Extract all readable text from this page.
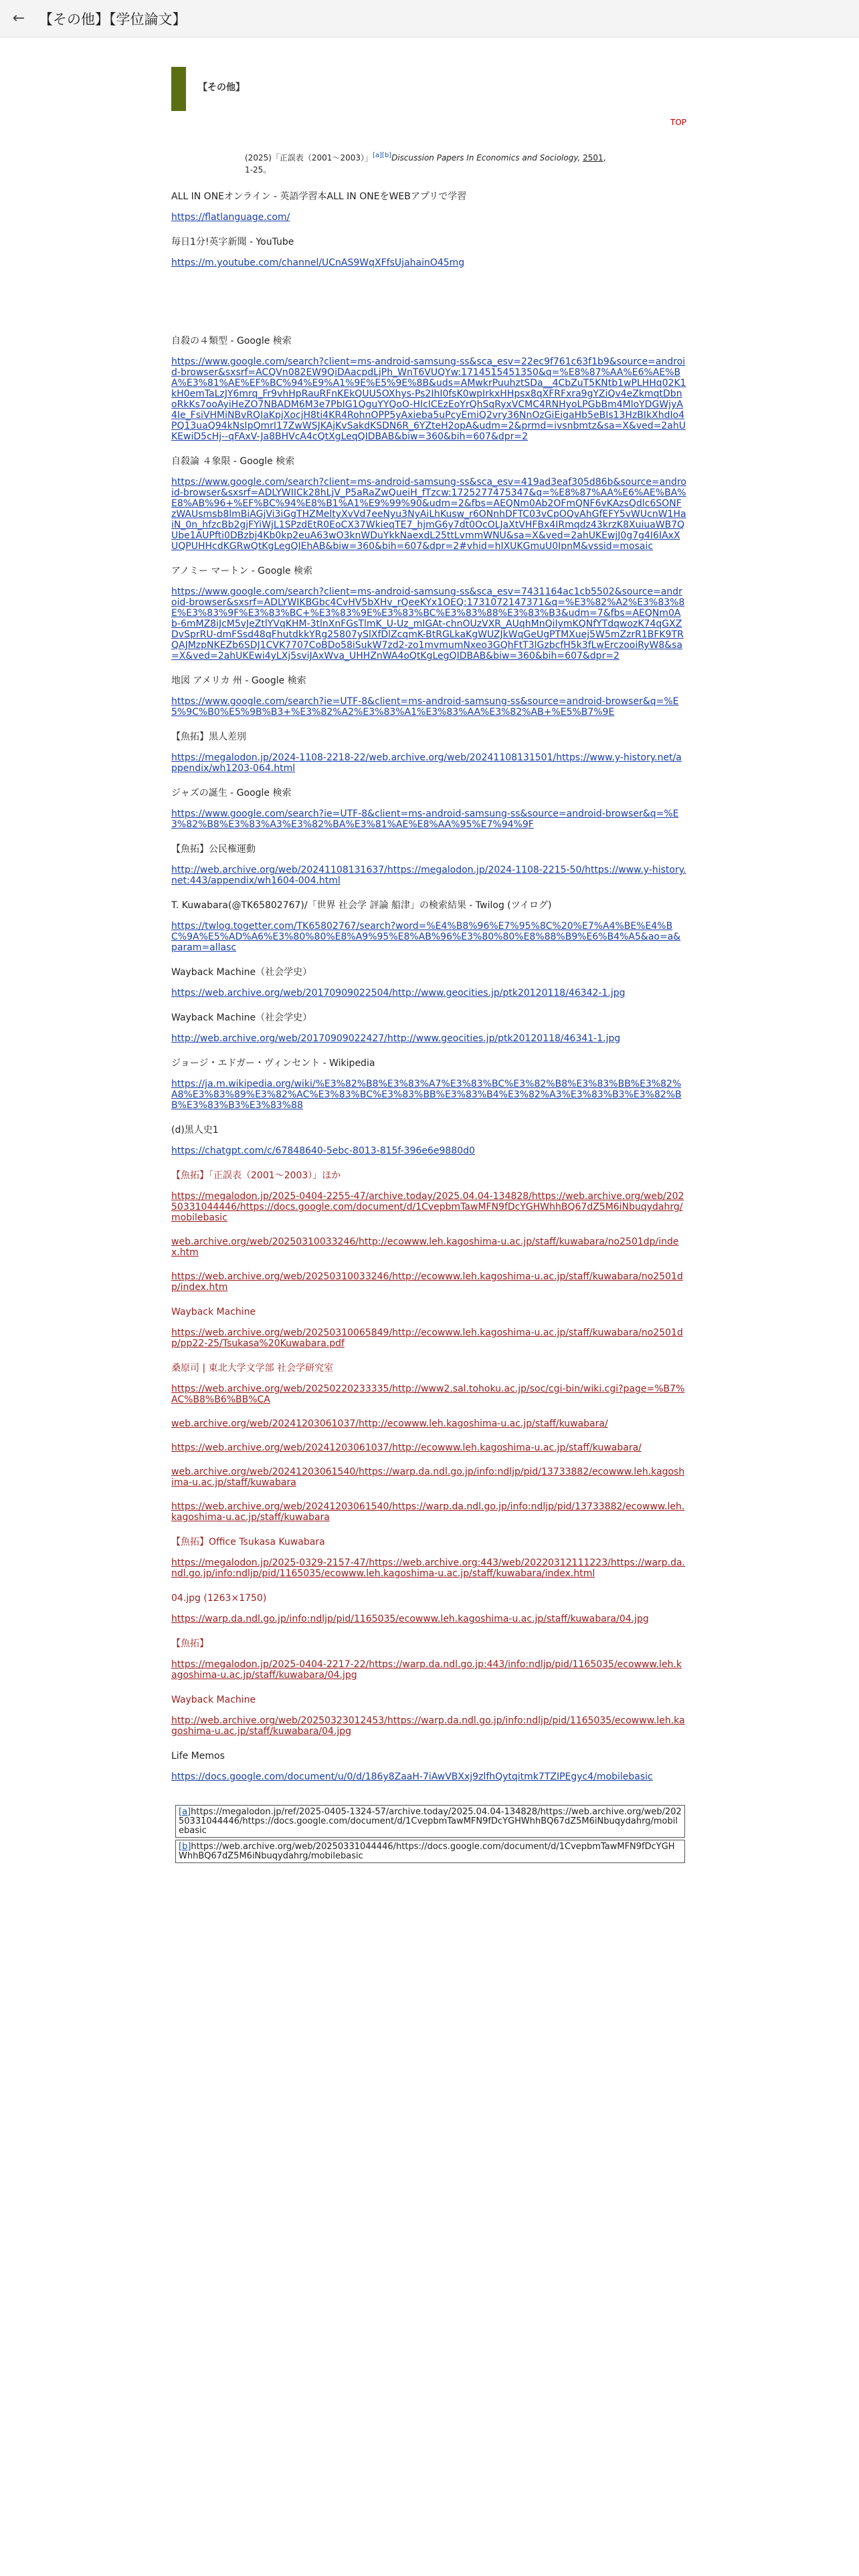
← 【その他】【学位論文】
【その他】
TOP
(2025)「正誤表（2001〜2003）」[a][b]Discussion Papers In Economics and Sociology, 2501,
1-25。
ALL IN ONEオンライン - 英語学習本ALL IN ONEをWEBアプリで学習
https://flatlanguage.com/
毎日1分!英字新聞 - YouTube
https://m.youtube.com/channel/UCnAS9WqXFfsUjahainO45mg
自殺の４類型 - Google 検索
https://www.google.com/search?client=ms-android-samsung-ss&sca_esv=22ec9f761c63f1b9&source=android-browser&sxsrf=ACQVn082EW9QiDAacpdLjPh_WnT6VUQYw:1714515451350&q=%E8%87%AA%E6%AE%BA%E3%81%AE%EF%BC%94%E9%A1%9E%E5%9E%8B&uds=AMwkrPuuhztSDa__4CbZuT5KNtb1wPLHHq02K1kH0emTaLzJY6mrq_Fr9vhHpRauRFnKEkQUU5OXhys-Ps2IhI0fsK0wpIrkxHHpsx8qXFRFxra9gYZiQv4eZkmqtDbnoRkKs7ooAyiHeZO7NBADM6M3e7PbIG1QguYYQoO-HIcICEzEoYrQhSqRyxVCMC4RNHyoLPGbBm4MloYDGWjyA4Ie_FsiVHMiNBvRQIaKpjXocjH8ti4KR4RohnOPP5yAxieba5uPcyEmiQ2vry36NnOzGiEigaHb5eBIs13HzBIkXhdIo4PQ13uaQ94kNsIpQmrI17ZwWSJKAjKvSakdKSDN6R_6YZteH2opA&udm=2&prmd=ivsnbmtz&sa=X&ved=2ahUKEwiD5cHj--qFAxV-Ja8BHVcA4cQtXgLeqQIDBAB&biw=360&bih=607&dpr=2
自殺論 ４象限 - Google 検索
https://www.google.com/search?client=ms-android-samsung-ss&sca_esv=419ad3eaf305d86b&source=android-browser&sxsrf=ADLYWIICk28hLjV_P5aRaZwQueiH_fTzcw:1725277475347&q=%E8%87%AA%E6%AE%BA%E8%AB%96+%EF%BC%94%E8%B1%A1%E9%99%90&udm=2&fbs=AEQNm0Ab2OFmQNF6vKAzsQdlc6SONFzWAUsmsb8lmBiAGjVi3iGgTHZMeltyXvVd7eeNyu3NyAiLhKusw_r6ONnhDFTC03vCpOQvAhGfEFY5vWUcnW1HaiN_0n_hfzcBb2gjFYiWjL1SPzdEtR0EoCX37WkieqTE7_hjmG6y7dt0OcOLJaXtVHFBx4IRmqdz43krzK8XuiuaWB7QUbe1AUPfti0DBzbj4Kb0kp2euA63wO3knWDuYkkNaexdL25ttLvmmWNU&sa=X&ved=2ahUKEwjJ0g7g4I6IAxXUQPUHHcdKGRwQtKgLegQIEhAB&biw=360&bih=607&dpr=2#vhid=hIXUKGmuU0IpnM&vssid=mosaic
アノミー マートン - Google 検索
https://www.google.com/search?client=ms-android-samsung-ss&sca_esv=7431164ac1cb5502&source=android-browser&sxsrf=ADLYWIKBGbc4CvHV5bXHv_rQeeKYx1OEQ:1731072147371&q=%E3%82%A2%E3%83%8E%E3%83%9F%E3%83%BC+%E3%83%9E%E3%83%BC%E3%83%88%E3%83%B3&udm=7&fbs=AEQNm0Ab-6mMZ8iJcM5vJeZtlYVqKHM-3tlnXnFGsTlmK_U-Uz_mIGAt-chnOUzVXR_AUqhMnQiIymKQNfYTdqwozK74qGXZDvSprRU-dmFSsd48qFhutdkkYRg25807ySlXfDlZcqmK-BtRGLkaKgWUZJkWqGeUgPTMXuej5W5mZzrR1BFK9TRQAJMzpNKEZb6SDJ1CVK7707CoBDo58iSukW7zd2-zo1mvmumNxeo3GQhFtT3lGzbcfH5k3fLwErczooiRyW8&sa=X&ved=2ahUKEwi4yLXj5sviJAxWva_UHHZnWA4oQtKgLegQIDBAB&biw=360&bih=607&dpr=2
地図 アメリカ 州 - Google 検索
https://www.google.com/search?ie=UTF-8&client=ms-android-samsung-ss&source=android-browser&q=%E5%9C%B0%E5%9B%B3+%E3%82%A2%E3%83%A1%E3%83%AA%E3%82%AB+%E5%B7%9E
【魚拓】黒人差別
https://megalodon.jp/2024-1108-2218-22/web.archive.org/web/20241108131501/https://www.y-history.net/appendix/wh1203-064.html
ジャズの誕生 - Google 検索
https://www.google.com/search?ie=UTF-8&client=ms-android-samsung-ss&source=android-browser&q=%E3%82%B8%E3%83%A3%E3%82%BA%E3%81%AE%E8%AA%95%E7%94%9F
【魚拓】公民権運動
http://web.archive.org/web/20241108131637/https://megalodon.jp/2024-1108-2215-50/https://www.y-history.net:443/appendix/wh1604-004.html
T. Kuwabara(@TK65802767)/「世界 社会学 評論 船津」の検索結果 - Twilog (ツイログ)
https://twlog.togetter.com/TK65802767/search?word=%E4%B8%96%E7%95%8C%20%E7%A4%BE%E4%BC%9A%E5%AD%A6%E3%80%80%E8%A9%95%E8%AB%96%E3%80%80%E8%88%B9%E6%B4%A5&ao=a&param=allasc
Wayback Machine（社会学史）
https://web.archive.org/web/20170909022504/http://www.geocities.jp/ptk20120118/46342-1.jpg
Wayback Machine（社会学史）
http://web.archive.org/web/20170909022427/http://www.geocities.jp/ptk20120118/46341-1.jpg
ジョージ・エドガー・ヴィンセント - Wikipedia
https://ja.m.wikipedia.org/wiki/%E3%82%B8%E3%83%A7%E3%83%BC%E3%82%B8%E3%83%BB%E3%82%A8%E3%83%89%E3%82%AC%E3%83%BC%E3%83%BB%E3%83%B4%E3%82%A3%E3%83%B3%E3%82%BB%E3%83%B3%E3%83%88
(d)黒人史1
https://chatgpt.com/c/67848640-5ebc-8013-815f-396e6e9880d0
【魚拓】「正誤表（2001〜2003）」ほか
https://megalodon.jp/2025-0404-2255-47/archive.today/2025.04.04-134828/https://web.archive.org/web/20250331044446/https://docs.google.com/document/d/1CvepbmTawMFN9fDcYGHWhhBQ67dZ5M6iNbuqydahrg/mobilebasic
web.archive.org/web/20250310033246/http://ecowww.leh.kagoshima-u.ac.jp/staff/kuwabara/no2501dp/index.htm
https://web.archive.org/web/20250310033246/http://ecowww.leh.kagoshima-u.ac.jp/staff/kuwabara/no2501dp/index.htm
Wayback Machine
https://web.archive.org/web/20250310065849/http://ecowww.leh.kagoshima-u.ac.jp/staff/kuwabara/no2501dp/pp22-25/Tsukasa%20Kuwabara.pdf
桑原司 | 東北大学文学部 社会学研究室
https://web.archive.org/web/20250220233335/http://www2.sal.tohoku.ac.jp/soc/cgi-bin/wiki.cgi?page=%B7%AC%B8%B6%BB%CA
web.archive.org/web/20241203061037/http://ecowww.leh.kagoshima-u.ac.jp/staff/kuwabara/
https://web.archive.org/web/20241203061037/http://ecowww.leh.kagoshima-u.ac.jp/staff/kuwabara/
web.archive.org/web/20241203061540/https://warp.da.ndl.go.jp/info:ndljp/pid/13733882/ecowww.leh.kagoshima-u.ac.jp/staff/kuwabara
https://web.archive.org/web/20241203061540/https://warp.da.ndl.go.jp/info:ndljp/pid/13733882/ecowww.leh.kagoshima-u.ac.jp/staff/kuwabara
【魚拓】Office Tsukasa Kuwabara
https://megalodon.jp/2025-0329-2157-47/https://web.archive.org:443/web/20220312111223/https://warp.da.ndl.go.jp/info:ndljp/pid/1165035/ecowww.leh.kagoshima-u.ac.jp/staff/kuwabara/index.html
04.jpg (1263×1750)
https://warp.da.ndl.go.jp/info:ndljp/pid/1165035/ecowww.leh.kagoshima-u.ac.jp/staff/kuwabara/04.jpg
【魚拓】
https://megalodon.jp/2025-0404-2217-22/https://warp.da.ndl.go.jp:443/info:ndljp/pid/1165035/ecowww.leh.kagoshima-u.ac.jp/staff/kuwabara/04.jpg
Wayback Machine
http://web.archive.org/web/20250323012453/https://warp.da.ndl.go.jp/info:ndljp/pid/1165035/ecowww.leh.kagoshima-u.ac.jp/staff/kuwabara/04.jpg
Life Memos
https://docs.google.com/document/u/0/d/186y8ZaaH-7iAwVBXxj9zlfhQytqitmk7TZIPEgyc4/mobilebasic
[a]https://megalodon.jp/ref/2025-0405-1324-57/archive.today/2025.04.04-134828/https://web.archive.org/web/20250331044446/https://docs.google.com/document/d/1CvepbmTawMFN9fDcYGHWhhBQ67dZ5M6iNbuqydahrg/mobilebasic
[b]https://web.archive.org/web/20250331044446/https://docs.google.com/document/d/1CvepbmTawMFN9fDcYGHWhhBQ67dZ5M6iNbuqydahrg/mobilebasic
